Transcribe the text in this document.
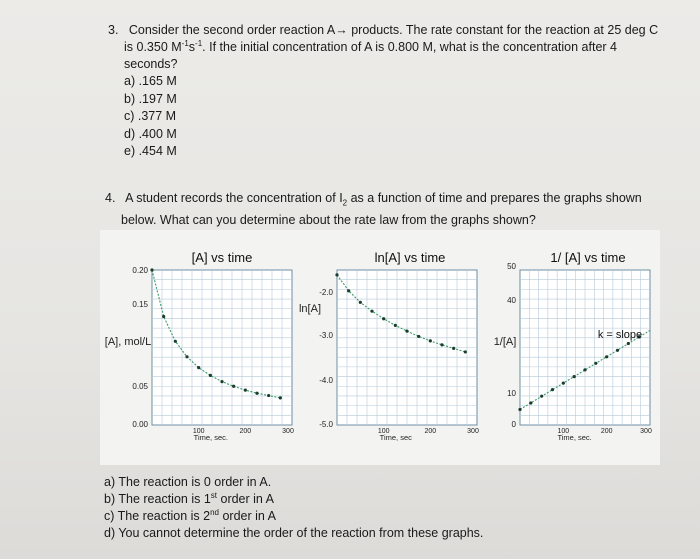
3. Consider the second order reaction A→ products. The rate constant for the reaction at 25 deg C is 0.350 $M^{-1}s^{-1}$. If the initial concentration of A is 0.800 M, what is the concentration after 4 seconds?
a) .165 M
b) .197 M
c) .377 M
d) .400 M
e) .454 M
4. A student records the concentration of $I_2$ as a function of time and prepares the graphs shown below. What can you determine about the rate law from the graphs shown?
[A] vs time
0.20
0.15
0.05
0.00
100	200	300
Time, sec.
[A], mol/L
ln[A] vs time
-2.0
-3.0
-4.0
-5.0
100	200	300
Time, sec
ln[A]
1/ [A] vs time
50
40
10
0
100	200	300
Time, sec.
1/[A]
k = slope
a) The reaction is 0 order in A.
b) The reaction is 1st order in A
c) The reaction is 2nd order in A
d) You cannot determine the order of the reaction from these graphs.
